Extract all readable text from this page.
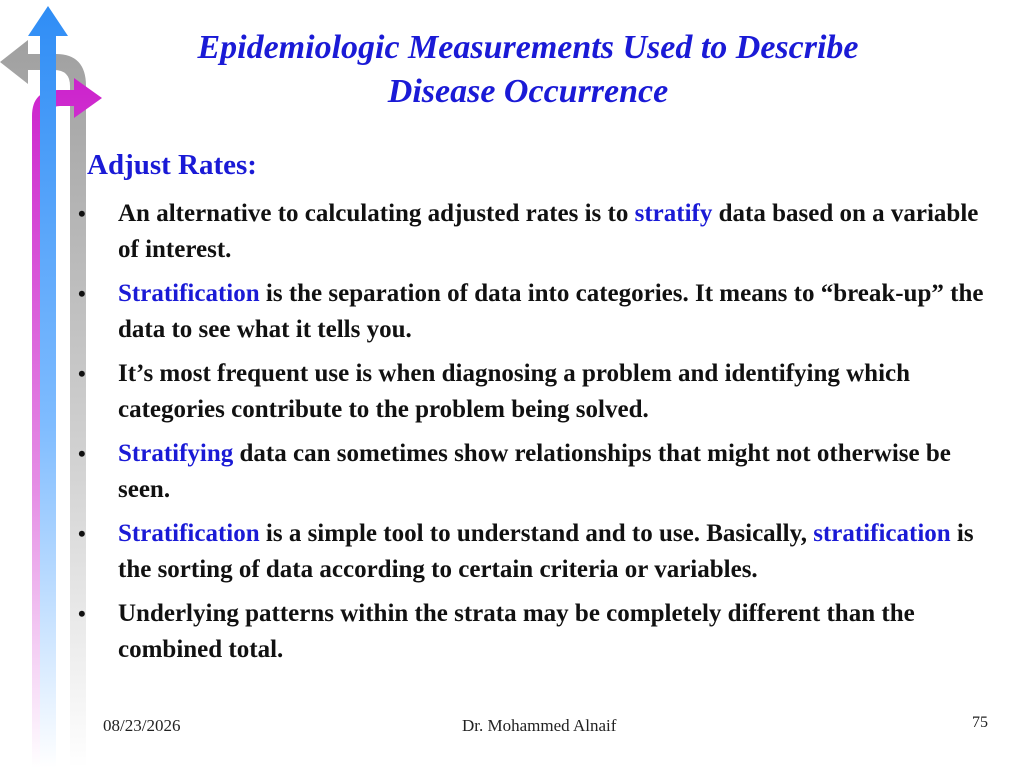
Epidemiologic Measurements Used to Describe
Disease Occurrence
Adjust Rates:
• An alternative to calculating adjusted rates is to stratify data based on a variable of interest.
• Stratification is the separation of data into categories. It means to “break-up” the data to see what it tells you.
• It’s most frequent use is when diagnosing a problem and identifying which categories contribute to the problem being solved.
• Stratifying data can sometimes show relationships that might not otherwise be seen.
• Stratification is a simple tool to understand and to use. Basically, stratification is the sorting of data according to certain criteria or variables.
• Underlying patterns within the strata may be completely different than the combined total.
08/23/2026	Dr. Mohammed Alnaif	75
